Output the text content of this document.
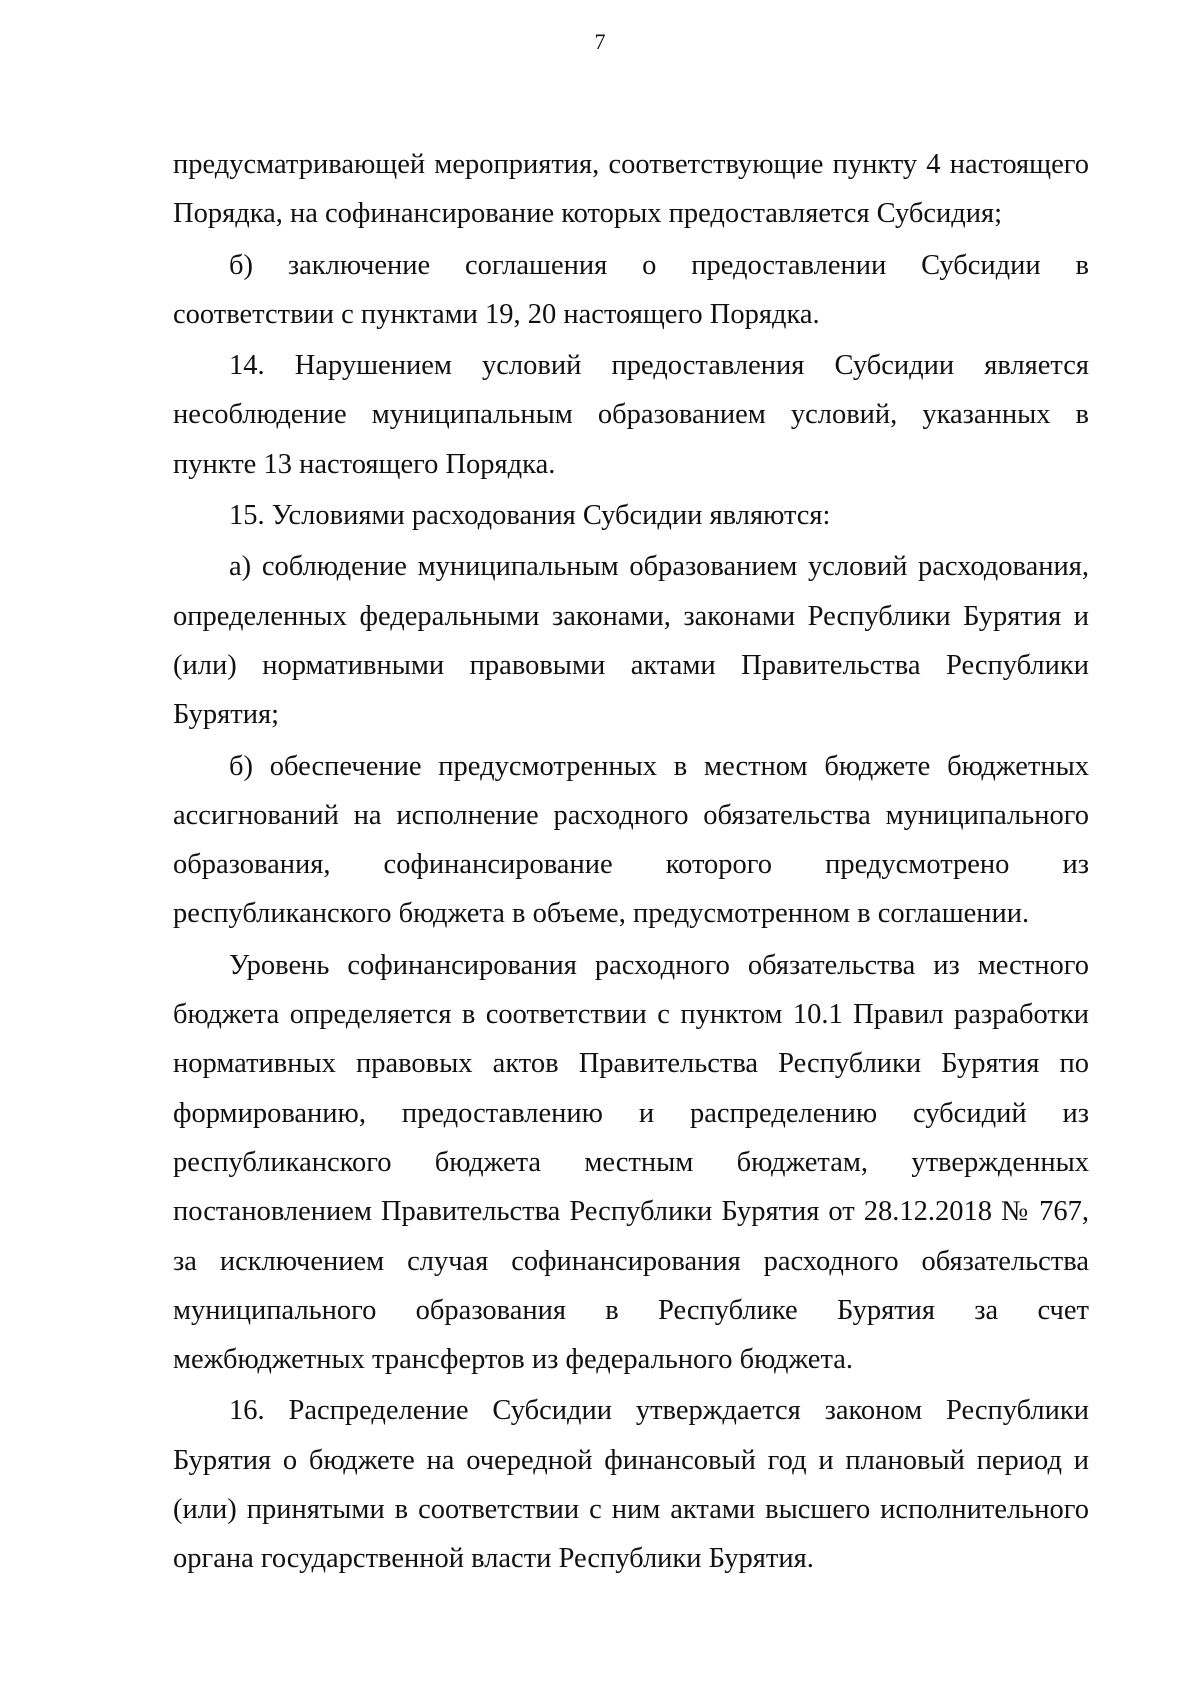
7

предусматривающей мероприятия, соответствующие пункту 4 настоящего Порядка, на софинансирование которых предоставляется Субсидия;

б) заключение соглашения о предоставлении Субсидии в соответствии с пунктами 19, 20 настоящего Порядка.

14. Нарушением условий предоставления Субсидии является несоблюдение муниципальным образованием условий, указанных в пункте 13 настоящего Порядка.

15. Условиями расходования Субсидии являются:

а) соблюдение муниципальным образованием условий расходования, определенных федеральными законами, законами Республики Бурятия и (или) нормативными правовыми актами Правительства Республики Бурятия;

б) обеспечение предусмотренных в местном бюджете бюджетных ассигнований на исполнение расходного обязательства муниципального образования, софинансирование которого предусмотрено из республиканского бюджета в объеме, предусмотренном в соглашении.

Уровень софинансирования расходного обязательства из местного бюджета определяется в соответствии с пунктом 10.1 Правил разработки нормативных правовых актов Правительства Республики Бурятия по формированию, предоставлению и распределению субсидий из республиканского бюджета местным бюджетам, утвержденных постановлением Правительства Республики Бурятия от 28.12.2018 № 767, за исключением случая софинансирования расходного обязательства муниципального образования в Республике Бурятия за счет межбюджетных трансфертов из федерального бюджета.

16. Распределение Субсидии утверждается законом Республики Бурятия о бюджете на очередной финансовый год и плановый период и (или) принятыми в соответствии с ним актами высшего исполнительного органа государственной власти Республики Бурятия.
